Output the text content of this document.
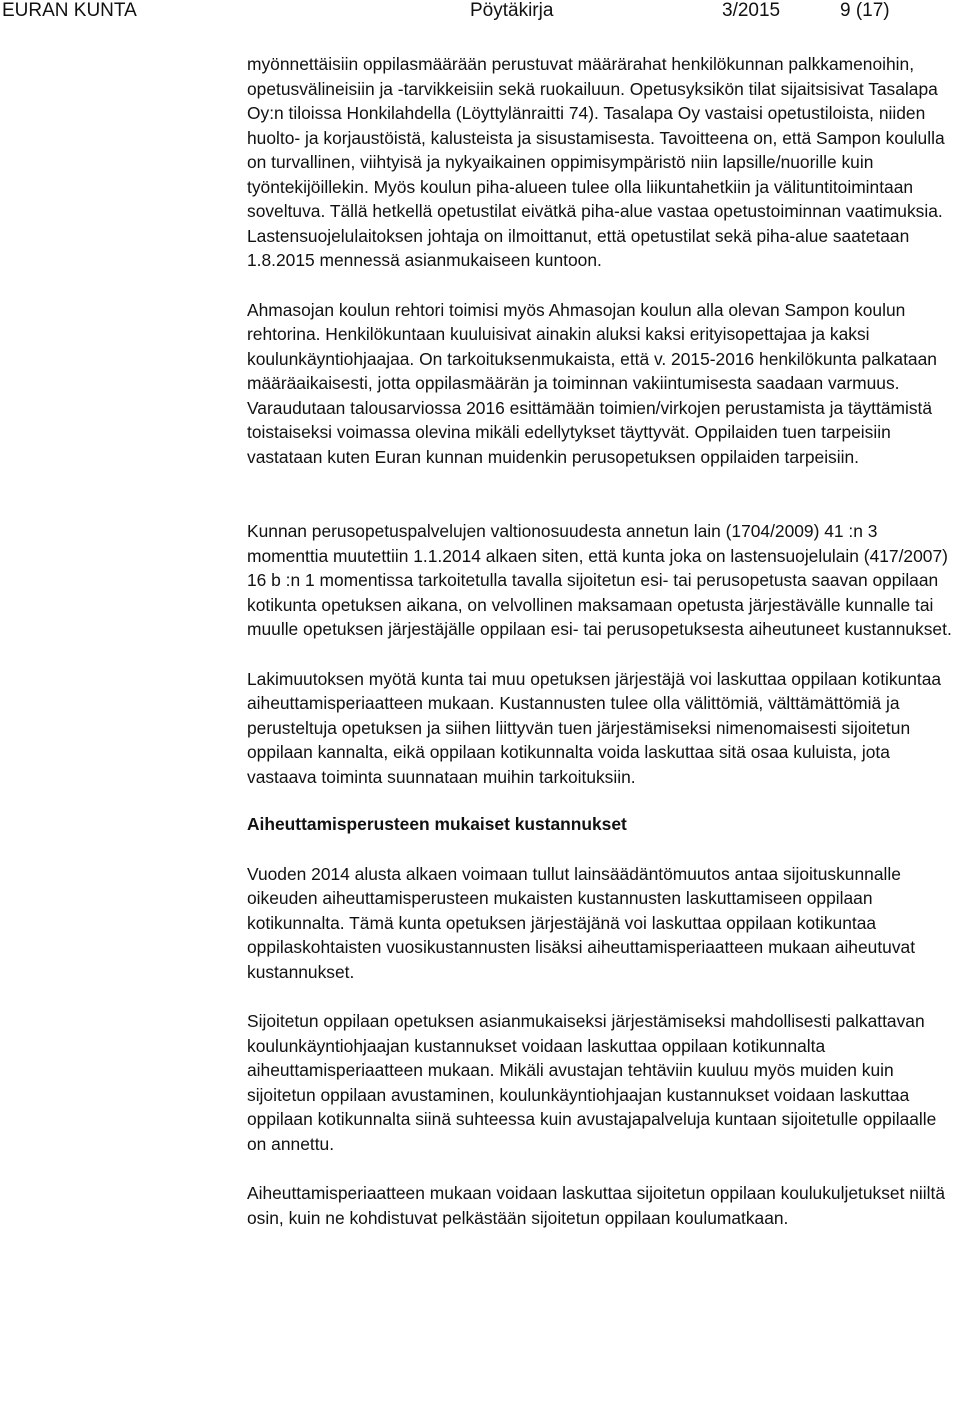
EURAN KUNTA	Pöytäkirja	3/2015	9 (17)

myönnettäisiin oppilasmäärään perustuvat määrärahat henkilökunnan palkkamenoihin, opetusvälineisiin ja -tarvikkeisiin sekä ruokailuun. Opetusyksikön tilat sijaitsisivat Tasalapa Oy:n tiloissa Honkilahdella (Löyttylänraitti 74). Tasalapa Oy vastaisi opetustiloista, niiden huolto- ja korjaustöistä, kalusteista ja sisustamisesta. Tavoitteena on, että Sampon koululla on turvallinen, viihtyisä ja nykyaikainen oppimisympäristö niin lapsille/nuorille kuin työntekijöillekin. Myös koulun piha-alueen tulee olla liikuntahetkiin ja välituntitoimintaan soveltuva. Tällä hetkellä opetustilat eivätkä piha-alue vastaa opetustoiminnan vaatimuksia. Lastensuojelulaitoksen johtaja on ilmoittanut, että opetustilat sekä piha-alue saatetaan 1.8.2015 mennessä asianmukaiseen kuntoon.

Ahmasojan koulun rehtori toimisi myös Ahmasojan koulun alla olevan Sampon koulun rehtorina. Henkilökuntaan kuuluisivat ainakin aluksi kaksi erityisopettajaa ja kaksi koulunkäyntiohjaajaa. On tarkoituksenmukaista, että v. 2015-2016 henkilökunta palkataan määräaikaisesti, jotta oppilasmäärän ja toiminnan vakiintumisesta saadaan varmuus. Varaudutaan talousarviossa 2016 esittämään toimien/virkojen perustamista ja täyttämistä toistaiseksi voimassa olevina mikäli edellytykset täyttyvät. Oppilaiden tuen tarpeisiin vastataan kuten Euran kunnan muidenkin perusopetuksen oppilaiden tarpeisiin.

Kunnan perusopetuspalvelujen valtionosuudesta annetun lain (1704/2009) 41 :n 3 momenttia muutettiin 1.1.2014 alkaen siten, että kunta joka on lastensuojelulain (417/2007) 16 b :n 1 momentissa tarkoitetulla tavalla sijoitetun esi- tai perusopetusta saavan oppilaan kotikunta opetuksen aikana, on velvollinen maksamaan opetusta järjestävälle kunnalle tai muulle opetuksen järjestäjälle oppilaan esi- tai perusopetuksesta aiheutuneet kustannukset.

Lakimuutoksen myötä kunta tai muu opetuksen järjestäjä voi laskuttaa oppilaan kotikuntaa aiheuttamisperiaatteen mukaan. Kustannusten tulee olla välittömiä, välttämättömiä ja perusteltuja opetuksen ja siihen liittyvän tuen järjestämiseksi nimenomaisesti sijoitetun oppilaan kannalta, eikä oppilaan kotikunnalta voida laskuttaa sitä osaa kuluista, jota vastaava toiminta suunnataan muihin tarkoituksiin.

Aiheuttamisperusteen mukaiset kustannukset

Vuoden 2014 alusta alkaen voimaan tullut lainsäädäntömuutos antaa sijoituskunnalle oikeuden aiheuttamisperusteen mukaisten kustannusten laskuttamiseen oppilaan kotikunnalta. Tämä kunta opetuksen järjestäjänä voi laskuttaa oppilaan kotikuntaa oppilaskohtaisten vuosikustannusten lisäksi aiheuttamisperiaatteen mukaan aiheutuvat kustannukset.

Sijoitetun oppilaan opetuksen asianmukaiseksi järjestämiseksi mahdollisesti palkattavan koulunkäyntiohjaajan kustannukset voidaan laskuttaa oppilaan kotikunnalta aiheuttamisperiaatteen mukaan. Mikäli avustajan tehtäviin kuuluu myös muiden kuin sijoitetun oppilaan avustaminen, koulunkäyntiohjaajan kustannukset voidaan laskuttaa oppilaan kotikunnalta siinä suhteessa kuin avustajapalveluja kuntaan sijoitetulle oppilaalle on annettu.

Aiheuttamisperiaatteen mukaan voidaan laskuttaa sijoitetun oppilaan koulukuljetukset niiltä osin, kuin ne kohdistuvat pelkästään sijoitetun oppilaan koulumatkaan.
